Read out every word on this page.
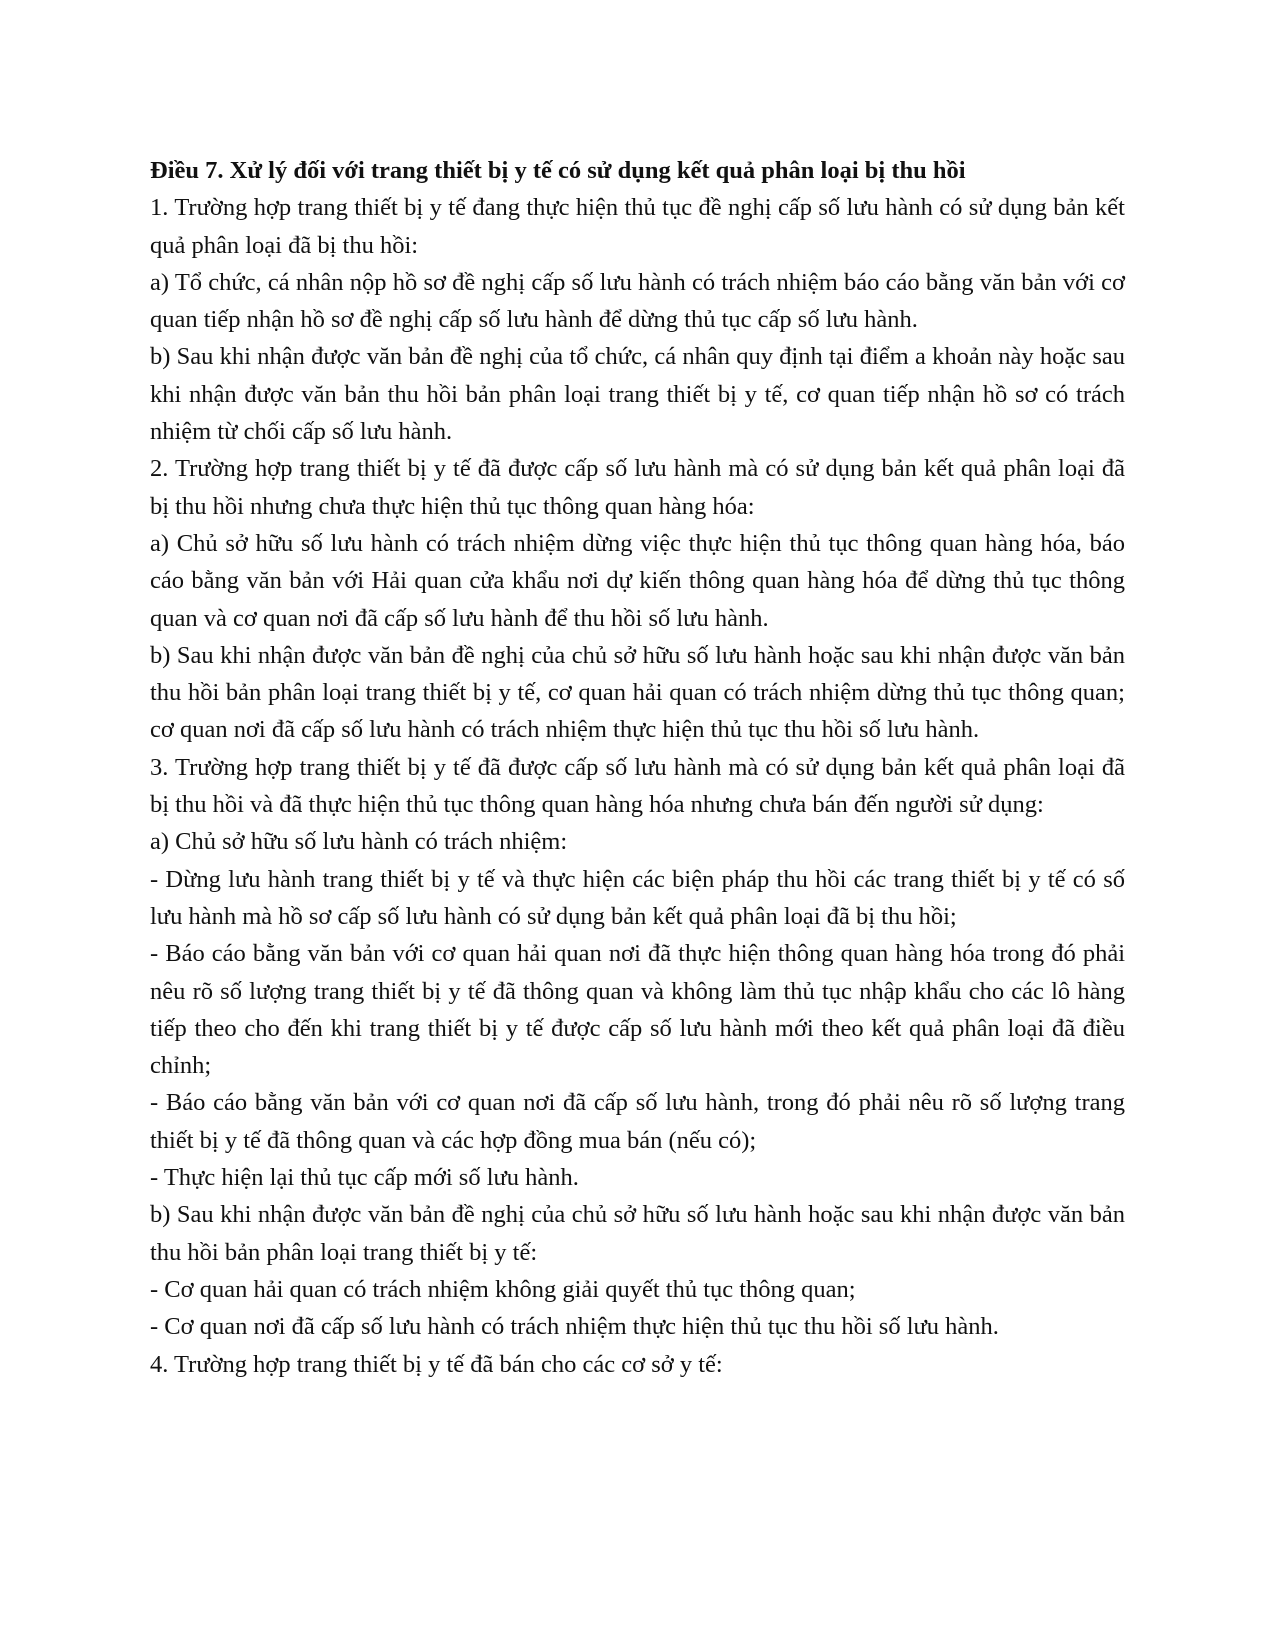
Điều 7. Xử lý đối với trang thiết bị y tế có sử dụng kết quả phân loại bị thu hồi

1. Trường hợp trang thiết bị y tế đang thực hiện thủ tục đề nghị cấp số lưu hành có sử dụng bản kết quả phân loại đã bị thu hồi:

a) Tổ chức, cá nhân nộp hồ sơ đề nghị cấp số lưu hành có trách nhiệm báo cáo bằng văn bản với cơ quan tiếp nhận hồ sơ đề nghị cấp số lưu hành để dừng thủ tục cấp số lưu hành.

b) Sau khi nhận được văn bản đề nghị của tổ chức, cá nhân quy định tại điểm a khoản này hoặc sau khi nhận được văn bản thu hồi bản phân loại trang thiết bị y tế, cơ quan tiếp nhận hồ sơ có trách nhiệm từ chối cấp số lưu hành.

2. Trường hợp trang thiết bị y tế đã được cấp số lưu hành mà có sử dụng bản kết quả phân loại đã bị thu hồi nhưng chưa thực hiện thủ tục thông quan hàng hóa:

a) Chủ sở hữu số lưu hành có trách nhiệm dừng việc thực hiện thủ tục thông quan hàng hóa, báo cáo bằng văn bản với Hải quan cửa khẩu nơi dự kiến thông quan hàng hóa để dừng thủ tục thông quan và cơ quan nơi đã cấp số lưu hành để thu hồi số lưu hành.

b) Sau khi nhận được văn bản đề nghị của chủ sở hữu số lưu hành hoặc sau khi nhận được văn bản thu hồi bản phân loại trang thiết bị y tế, cơ quan hải quan có trách nhiệm dừng thủ tục thông quan; cơ quan nơi đã cấp số lưu hành có trách nhiệm thực hiện thủ tục thu hồi số lưu hành.

3. Trường hợp trang thiết bị y tế đã được cấp số lưu hành mà có sử dụng bản kết quả phân loại đã bị thu hồi và đã thực hiện thủ tục thông quan hàng hóa nhưng chưa bán đến người sử dụng:

a) Chủ sở hữu số lưu hành có trách nhiệm:

- Dừng lưu hành trang thiết bị y tế và thực hiện các biện pháp thu hồi các trang thiết bị y tế có số lưu hành mà hồ sơ cấp số lưu hành có sử dụng bản kết quả phân loại đã bị thu hồi;

- Báo cáo bằng văn bản với cơ quan hải quan nơi đã thực hiện thông quan hàng hóa trong đó phải nêu rõ số lượng trang thiết bị y tế đã thông quan và không làm thủ tục nhập khẩu cho các lô hàng tiếp theo cho đến khi trang thiết bị y tế được cấp số lưu hành mới theo kết quả phân loại đã điều chỉnh;

- Báo cáo bằng văn bản với cơ quan nơi đã cấp số lưu hành, trong đó phải nêu rõ số lượng trang thiết bị y tế đã thông quan và các hợp đồng mua bán (nếu có);

- Thực hiện lại thủ tục cấp mới số lưu hành.

b) Sau khi nhận được văn bản đề nghị của chủ sở hữu số lưu hành hoặc sau khi nhận được văn bản thu hồi bản phân loại trang thiết bị y tế:

- Cơ quan hải quan có trách nhiệm không giải quyết thủ tục thông quan;

- Cơ quan nơi đã cấp số lưu hành có trách nhiệm thực hiện thủ tục thu hồi số lưu hành.

4. Trường hợp trang thiết bị y tế đã bán cho các cơ sở y tế:
